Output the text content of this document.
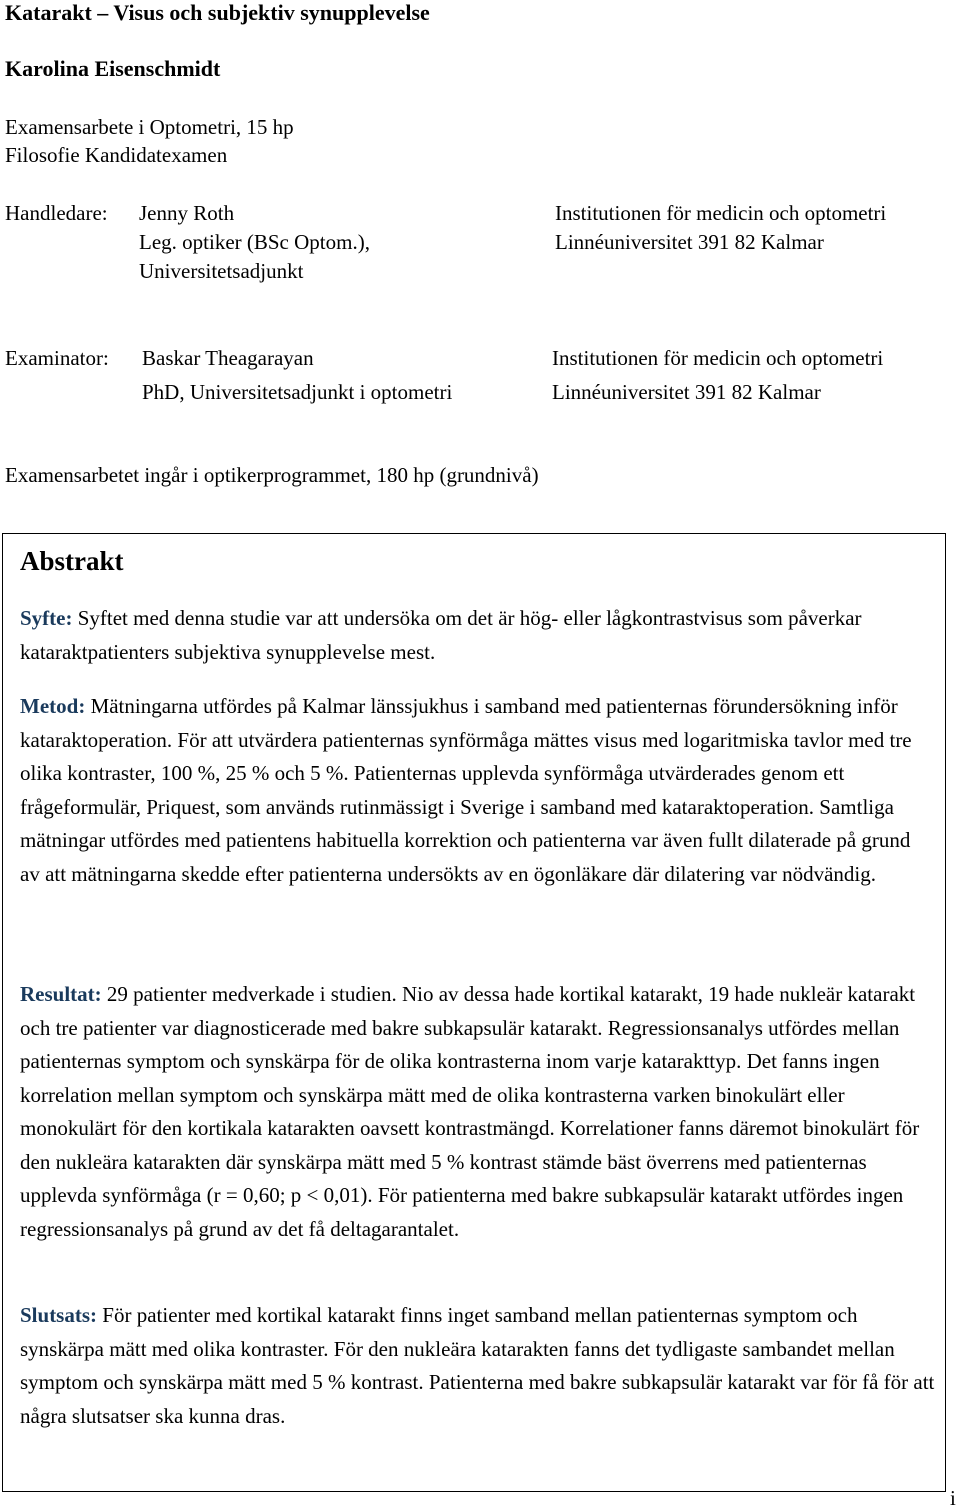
Katarakt – Visus och subjektiv synupplevelse
Karolina Eisenschmidt
Examensarbete i Optometri, 15 hp
Filosofie Kandidatexamen
Handledare: Jenny Roth
Leg. optiker (BSc Optom.),
Universitetsadjunkt
Institutionen för medicin och optometri
Linnéuniversitet 391 82 Kalmar
Examinator: Baskar Theagarayan
PhD, Universitetsadjunkt i optometri
Institutionen för medicin och optometri
Linnéuniversitet 391 82 Kalmar
Examensarbetet ingår i optikerprogrammet, 180 hp (grundnivå)
Abstrakt
Syfte: Syftet med denna studie var att undersöka om det är hög- eller lågkontrastvisus som påverkar kataraktpatienters subjektiva synupplevelse mest.
Metod: Mätningarna utfördes på Kalmar länssjukhus i samband med patienternas förundersökning inför kataraktoperation. För att utvärdera patienternas synförmåga mättes visus med logaritmiska tavlor med tre olika kontraster, 100 %, 25 % och 5 %. Patienternas upplevda synförmåga utvärderades genom ett frågeformulär, Priquest, som används rutinmässigt i Sverige i samband med kataraktoperation. Samtliga mätningar utfördes med patientens habituella korrektion och patienterna var även fullt dilaterade på grund av att mätningarna skedde efter patienterna undersökts av en ögonläkare där dilatering var nödvändig.
Resultat: 29 patienter medverkade i studien. Nio av dessa hade kortikal katarakt, 19 hade nukleär katarakt och tre patienter var diagnosticerade med bakre subkapsulär katarakt. Regressionsanalys utfördes mellan patienternas symptom och synskärpa för de olika kontrasterna inom varje katarakttyp. Det fanns ingen korrelation mellan symptom och synskärpa mätt med de olika kontrasterna varken binokulärt eller monokulärt för den kortikala katarakten oavsett kontrastmängd. Korrelationer fanns däremot binokulärt för den nukleära katarakten där synskärpa mätt med 5 % kontrast stämde bäst överrens med patienternas upplevda synförmåga (r = 0,60; p < 0,01). För patienterna med bakre subkapsulär katarakt utfördes ingen regressionsanalys på grund av det få deltagarantalet.
Slutsats: För patienter med kortikal katarakt finns inget samband mellan patienternas symptom och synskärpa mätt med olika kontraster. För den nukleära katarakten fanns det tydligaste sambandet mellan symptom och synskärpa mätt med 5 % kontrast. Patienterna med bakre subkapsulär katarakt var för få för att några slutsatser ska kunna dras.
i
